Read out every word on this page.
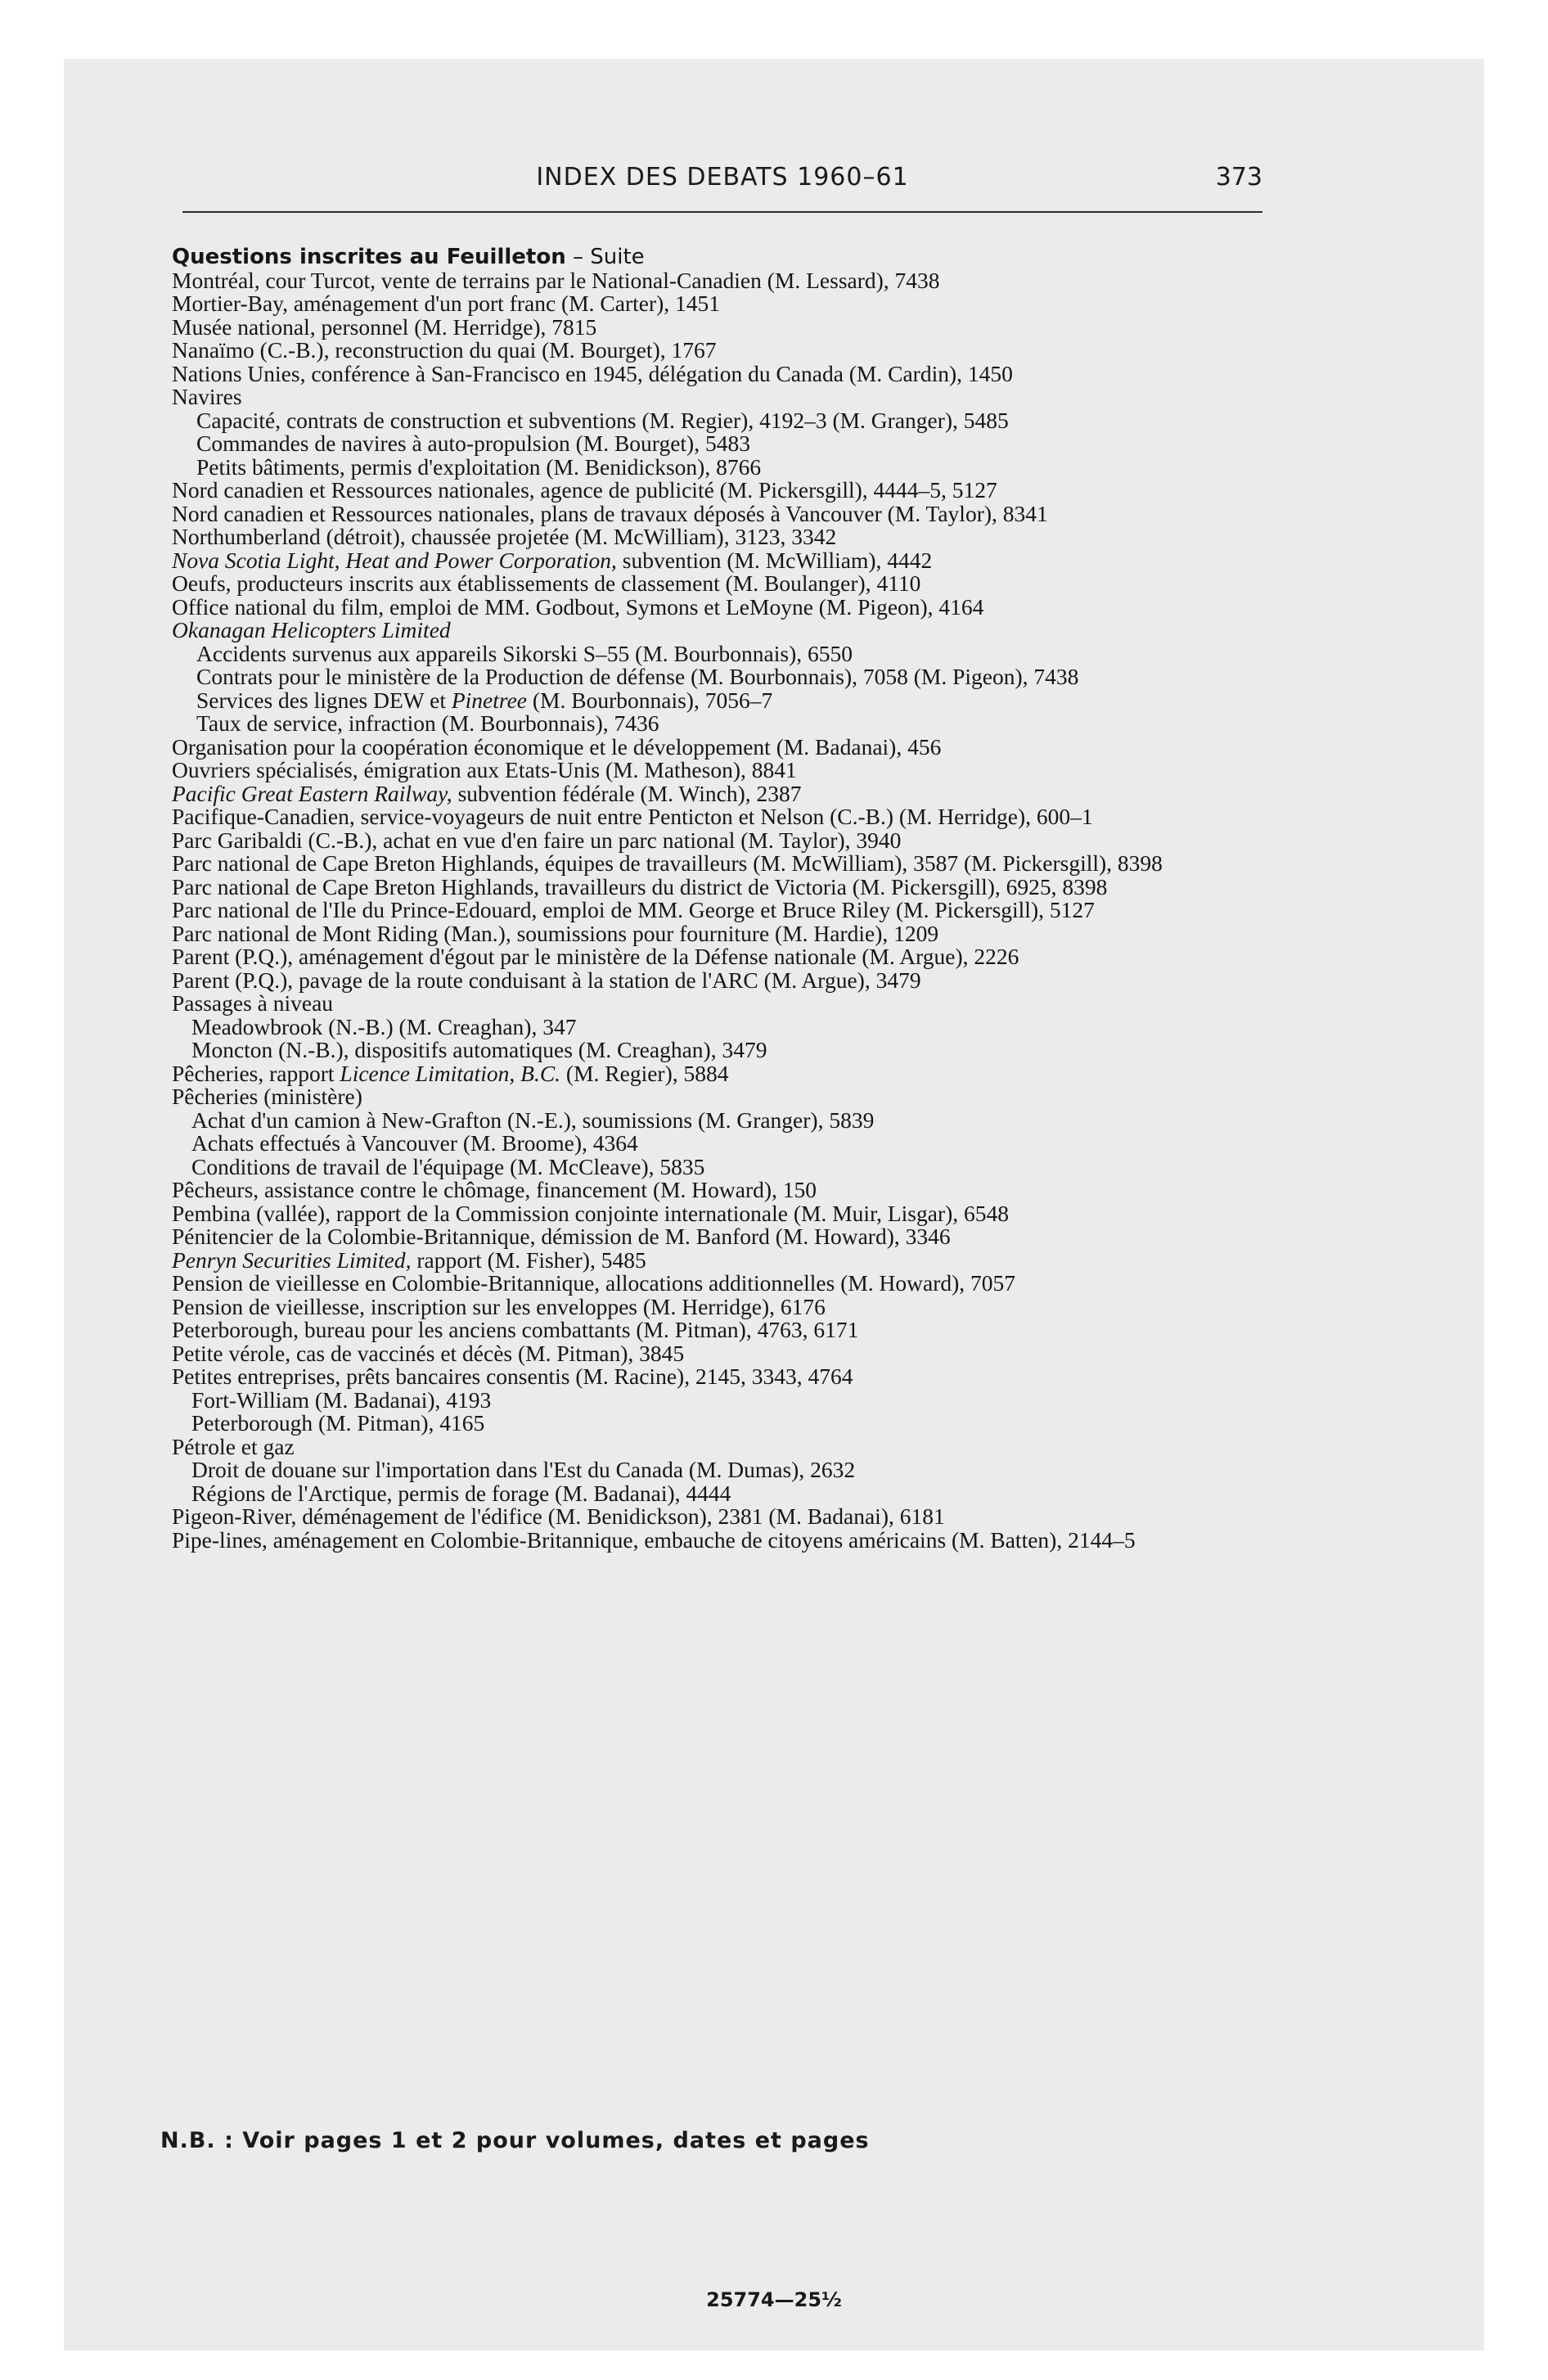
INDEX DES DEBATS 1960–61	373
Questions inscrites au Feuilleton – Suite
Montréal, cour Turcot, vente de terrains par le National-Canadien (M. Lessard), 7438
Mortier-Bay, aménagement d'un port franc (M. Carter), 1451
Musée national, personnel (M. Herridge), 7815
Nanaïmo (C.-B.), reconstruction du quai (M. Bourget), 1767
Nations Unies, conférence à San-Francisco en 1945, délégation du Canada (M. Cardin), 1450
Navires
Capacité, contrats de construction et subventions (M. Regier), 4192–3 (M. Granger), 5485
Commandes de navires à auto-propulsion (M. Bourget), 5483
Petits bâtiments, permis d'exploitation (M. Benidickson), 8766
Nord canadien et Ressources nationales, agence de publicité (M. Pickersgill), 4444–5, 5127
Nord canadien et Ressources nationales, plans de travaux déposés à Vancouver (M. Taylor), 8341
Northumberland (détroit), chaussée projetée (M. McWilliam), 3123, 3342
Nova Scotia Light, Heat and Power Corporation, subvention (M. McWilliam), 4442
Oeufs, producteurs inscrits aux établissements de classement (M. Boulanger), 4110
Office national du film, emploi de MM. Godbout, Symons et LeMoyne (M. Pigeon), 4164
Okanagan Helicopters Limited
Accidents survenus aux appareils Sikorski S–55 (M. Bourbonnais), 6550
Contrats pour le ministère de la Production de défense (M. Bourbonnais), 7058 (M. Pigeon), 7438
Services des lignes DEW et Pinetree (M. Bourbonnais), 7056–7
Taux de service, infraction (M. Bourbonnais), 7436
Organisation pour la coopération économique et le développement (M. Badanai), 456
Ouvriers spécialisés, émigration aux Etats-Unis (M. Matheson), 8841
Pacific Great Eastern Railway, subvention fédérale (M. Winch), 2387
Pacifique-Canadien, service-voyageurs de nuit entre Penticton et Nelson (C.-B.) (M. Herridge), 600–1
Parc Garibaldi (C.-B.), achat en vue d'en faire un parc national (M. Taylor), 3940
Parc national de Cape Breton Highlands, équipes de travailleurs (M. McWilliam), 3587 (M. Pickersgill), 8398
Parc national de Cape Breton Highlands, travailleurs du district de Victoria (M. Pickersgill), 6925, 8398
Parc national de l'Ile du Prince-Edouard, emploi de MM. George et Bruce Riley (M. Pickersgill), 5127
Parc national de Mont Riding (Man.), soumissions pour fourniture (M. Hardie), 1209
Parent (P.Q.), aménagement d'égout par le ministère de la Défense nationale (M. Argue), 2226
Parent (P.Q.), pavage de la route conduisant à la station de l'ARC (M. Argue), 3479
Passages à niveau
Meadowbrook (N.-B.) (M. Creaghan), 347
Moncton (N.-B.), dispositifs automatiques (M. Creaghan), 3479
Pêcheries, rapport Licence Limitation, B.C. (M. Regier), 5884
Pêcheries (ministère)
Achat d'un camion à New-Grafton (N.-E.), soumissions (M. Granger), 5839
Achats effectués à Vancouver (M. Broome), 4364
Conditions de travail de l'équipage (M. McCleave), 5835
Pêcheurs, assistance contre le chômage, financement (M. Howard), 150
Pembina (vallée), rapport de la Commission conjointe internationale (M. Muir, Lisgar), 6548
Pénitencier de la Colombie-Britannique, démission de M. Banford (M. Howard), 3346
Penryn Securities Limited, rapport (M. Fisher), 5485
Pension de vieillesse en Colombie-Britannique, allocations additionnelles (M. Howard), 7057
Pension de vieillesse, inscription sur les enveloppes (M. Herridge), 6176
Peterborough, bureau pour les anciens combattants (M. Pitman), 4763, 6171
Petite vérole, cas de vaccinés et décès (M. Pitman), 3845
Petites entreprises, prêts bancaires consentis (M. Racine), 2145, 3343, 4764
Fort-William (M. Badanai), 4193
Peterborough (M. Pitman), 4165
Pétrole et gaz
Droit de douane sur l'importation dans l'Est du Canada (M. Dumas), 2632
Régions de l'Arctique, permis de forage (M. Badanai), 4444
Pigeon-River, déménagement de l'édifice (M. Benidickson), 2381 (M. Badanai), 6181
Pipe-lines, aménagement en Colombie-Britannique, embauche de citoyens américains (M. Batten), 2144–5
N.B. : Voir pages 1 et 2 pour volumes, dates et pages
25774—25½
